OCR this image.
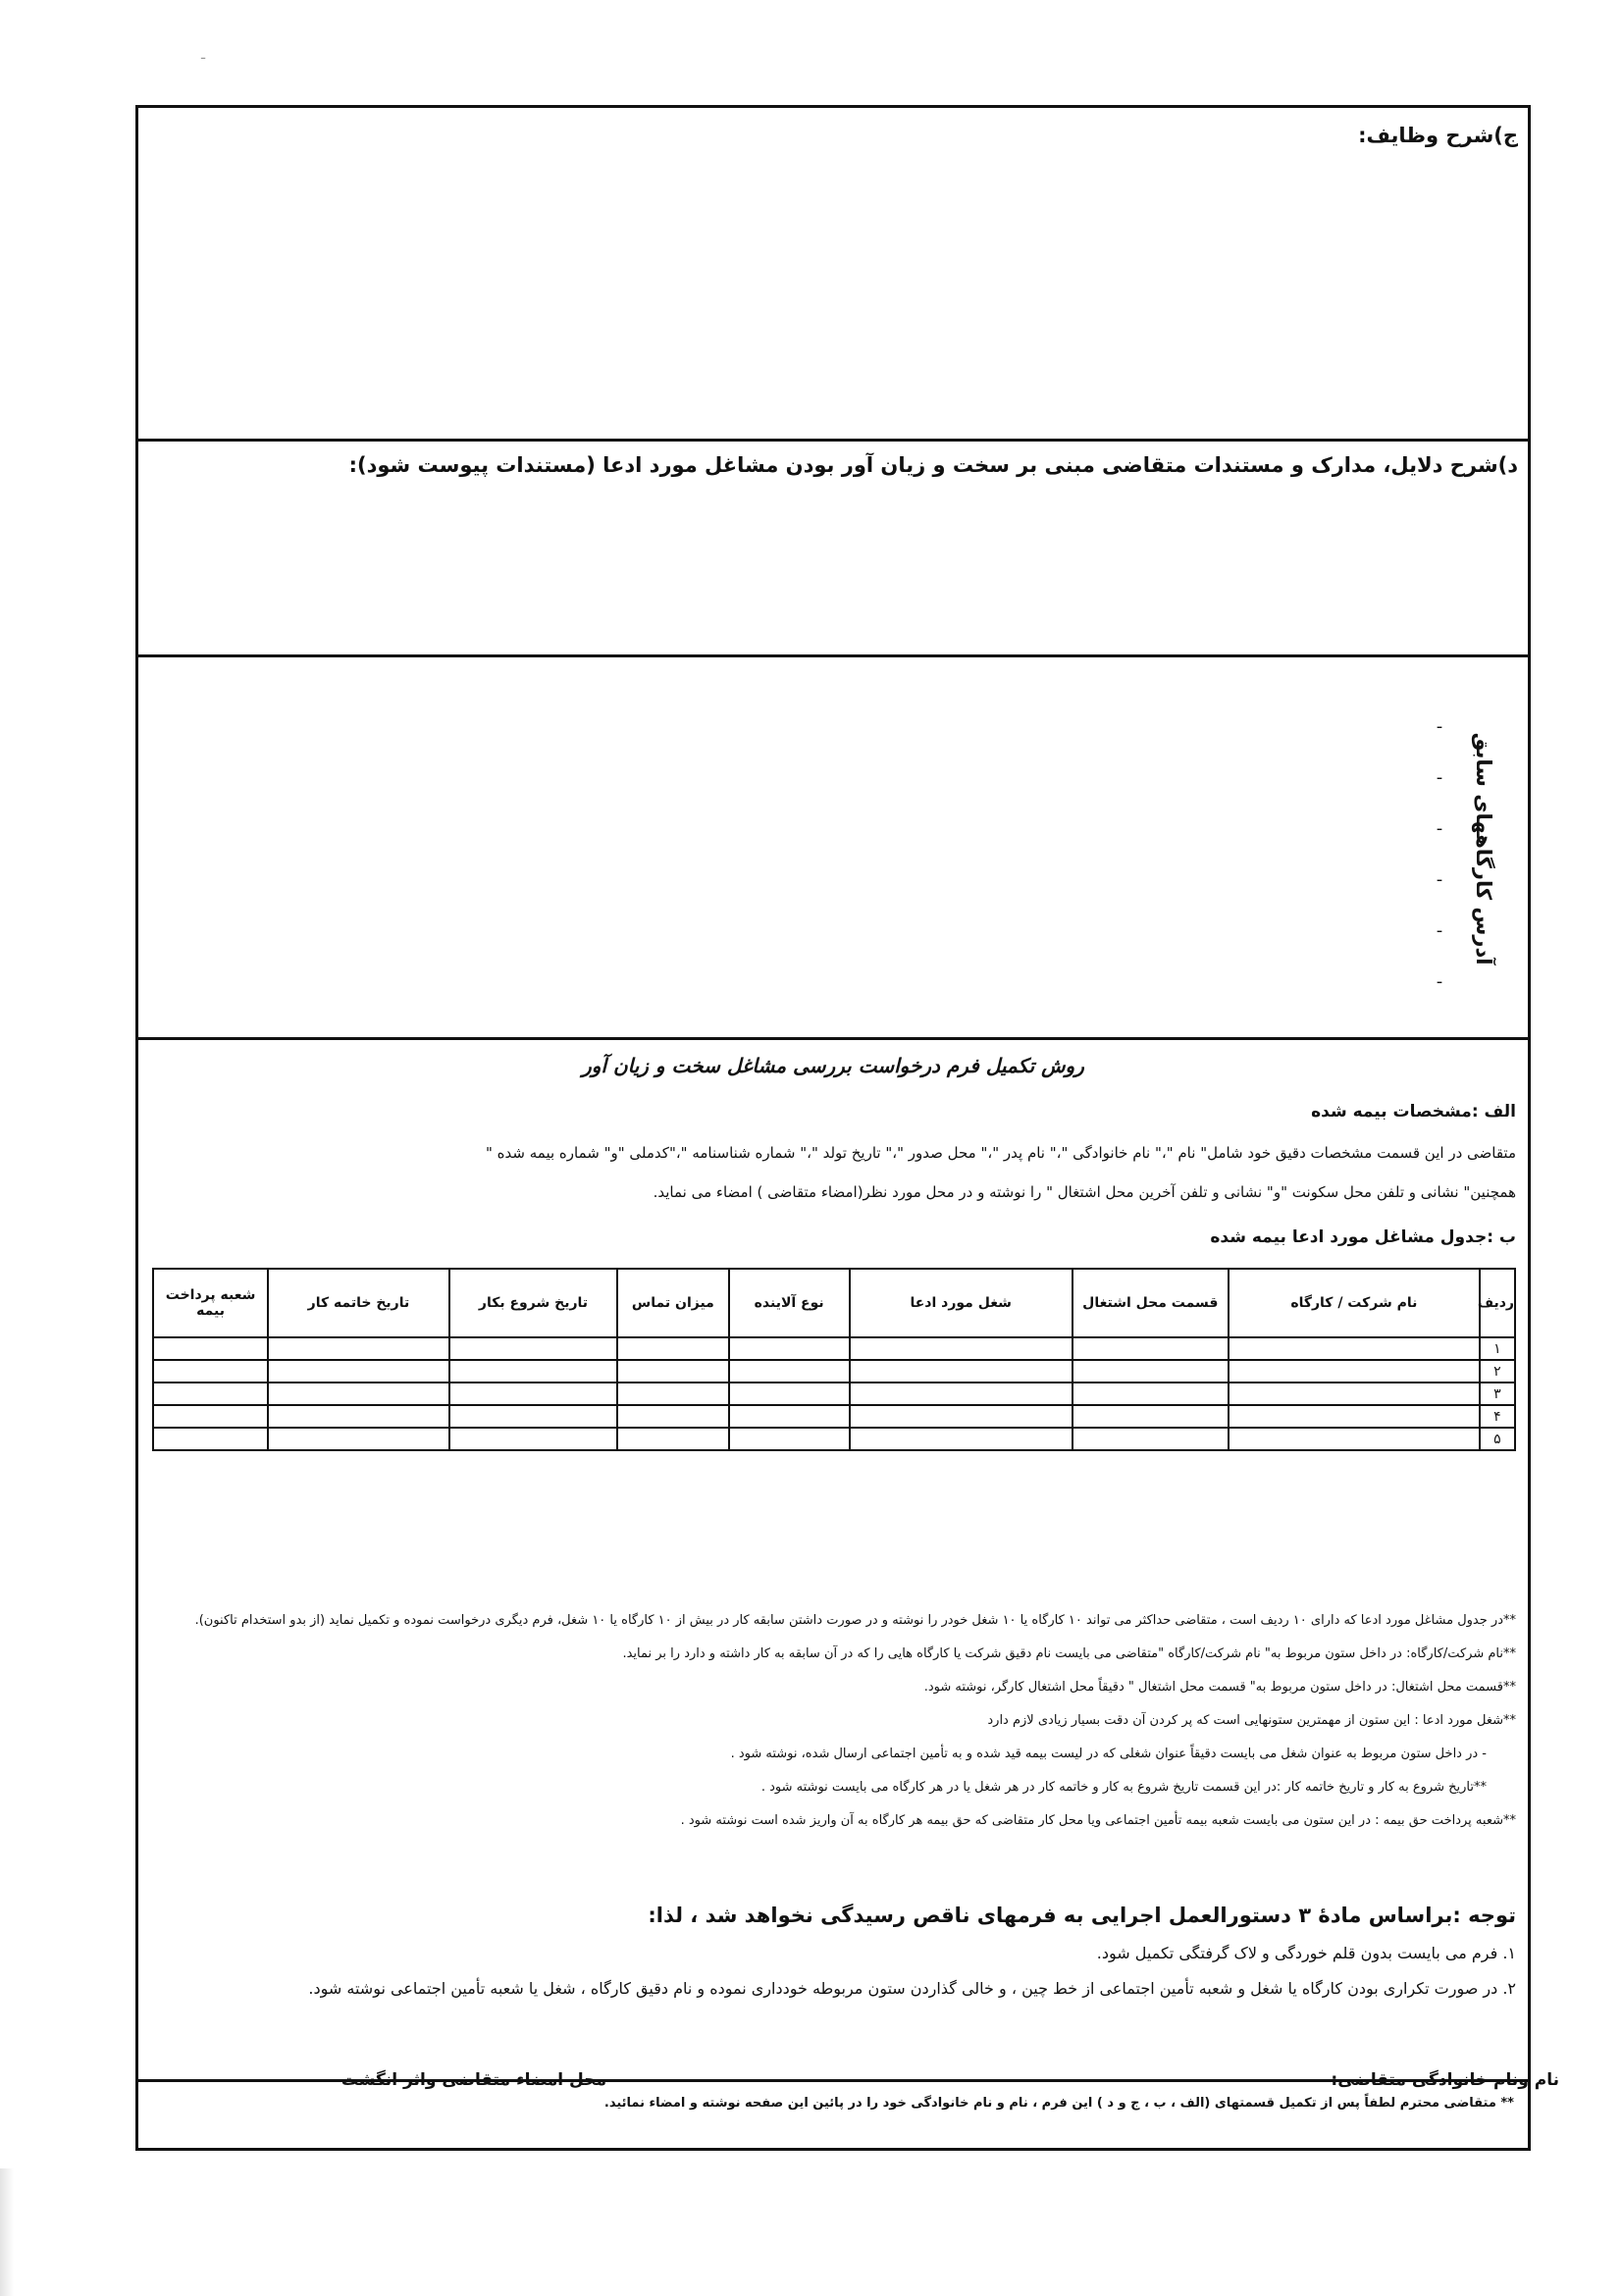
ـ
ج)شرح وظايف:
د)شرح دلایل، مدارک و مستندات متقاضی مبنی بر سخت و زیان آور بودن مشاغل مورد ادعا (مستندات پیوست شود):
آدرس کارگاههای سابق
-
-
-
-
-
-
روش تکمیل فرم درخواست بررسی مشاغل سخت و زیان آور
الف :مشخصات بیمه شده
متقاضی در این قسمت مشخصات دقیق خود شامل" نام "،" نام خانوادگی "،" نام پدر "،" محل صدور "،" تاریخ تولد "،" شماره شناسنامه "،"کدملی "و" شماره بیمه شده "
همچنین" نشانی و تلفن محل سکونت "و" نشانی و تلفن آخرین محل اشتغال " را نوشته و در محل مورد نظر(امضاء متقاضی ) امضاء می نماید.
ب :جدول مشاغل مورد ادعا بیمه شده
ردیف	نام شرکت / کارگاه	قسمت محل اشتغال	شغل مورد ادعا	نوع آلاینده	میزان تماس	تاریخ شروع بکار	تاریخ خاتمه کار	شعبه پرداخت بیمه
۱								
۲								
۳								
۴								
۵								
**در جدول مشاغل مورد ادعا که دارای ۱۰ ردیف است ، متقاضی حداکثر می تواند ۱۰ کارگاه یا ۱۰ شغل خودر را نوشته و در صورت داشتن سابقه کار در بیش از ۱۰ کارگاه یا ۱۰ شغل، فرم دیگری درخواست نموده و تکمیل نماید (از بدو استخدام تاکنون).
**نام شرکت/کارگاه: در داخل ستون مربوط به" نام شرکت/کارگاه "متقاضی می بایست نام دقیق شرکت یا کارگاه هایی را که در آن سابقه به کار داشته و دارد را بر نماید.
**قسمت محل اشتغال: در داخل ستون مربوط به" قسمت محل اشتغال " دقیقاً محل اشتغال کارگر، نوشته شود.
**شغل مورد ادعا : این ستون از مهمترین ستونهایی است که پر کردن آن دقت بسیار زیادی لازم دارد
- در داخل ستون مربوط به عنوان شغل می بایست دقیقاً عنوان شغلی که در لیست بیمه قید شده و به تأمین اجتماعی ارسال شده، نوشته شود .
**تاریخ شروع به کار و تاریخ خاتمه کار :در این قسمت تاریخ شروع به کار و خاتمه کار در هر شغل یا در هر کارگاه می بایست نوشته شود .
**شعبه پرداخت حق بیمه : در این ستون می بایست شعبه بیمه تأمین اجتماعی ویا محل کار متقاضی که حق بیمه هر کارگاه به آن واریز شده است نوشته شود .
توجه :براساس مادۀ ۳ دستورالعمل اجرایی به فرمهای ناقص رسیدگی نخواهد شد ، لذا:
۱. فرم می بایست بدون قلم خوردگی و لاک گرفتگی تکمیل شود.
۲. در صورت تکراری بودن کارگاه یا شغل و شعبه تأمین اجتماعی از خط چین ، و خالی گذاردن ستون مربوطه خودداری نموده و نام دقیق کارگاه ، شغل یا شعبه تأمین اجتماعی نوشته شود.
** متقاضی محترم لطفاً پس از تکمیل قسمتهای (الف ، ب ، ج و د ) این فرم ، نام و نام خانوادگی خود را در پائین این صفحه نوشته و امضاء نمائید.
نام ونام خانوادگی متقاضی:
محل امضاء متقاضی واثر انگشت
